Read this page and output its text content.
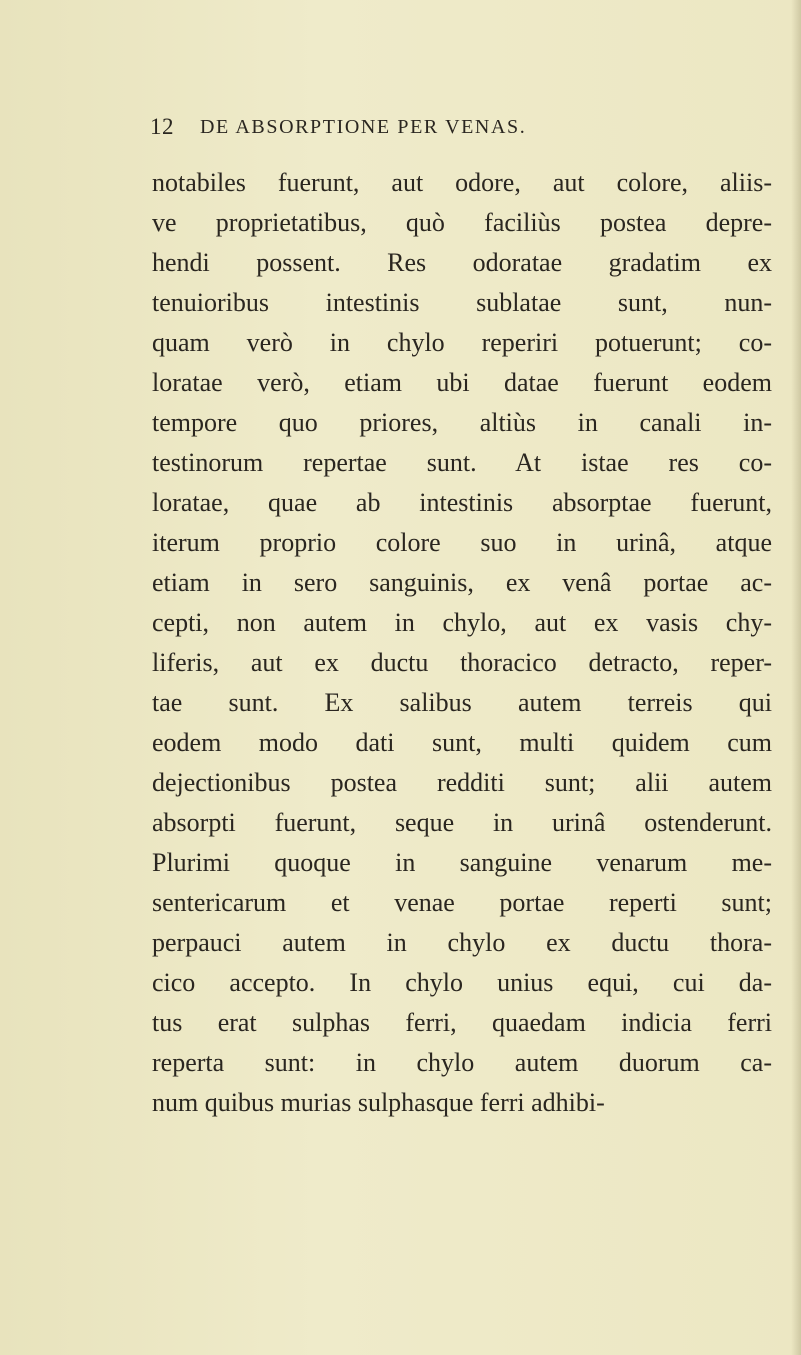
12 DE ABSORPTIONE PER VENAS.
notabiles fuerunt, aut odore, aut colore, aliis-
ve proprietatibus, quò faciliùs postea depre-
hendi possent. Res odoratae gradatim ex
tenuioribus intestinis sublatae sunt, nun-
quam verò in chylo reperiri potuerunt; co-
loratae verò, etiam ubi datae fuerunt eodem
tempore quo priores, altiùs in canali in-
testinorum repertae sunt. At istae res co-
loratae, quae ab intestinis absorptae fuerunt,
iterum proprio colore suo in urinâ, atque
etiam in sero sanguinis, ex venâ portae ac-
cepti, non autem in chylo, aut ex vasis chy-
liferis, aut ex ductu thoracico detracto, reper-
tae sunt. Ex salibus autem terreis qui
eodem modo dati sunt, multi quidem cum
dejectionibus postea redditi sunt; alii autem
absorpti fuerunt, seque in urinâ ostenderunt.
Plurimi quoque in sanguine venarum me-
sentericarum et venae portae reperti sunt;
perpauci autem in chylo ex ductu thora-
cico accepto. In chylo unius equi, cui da-
tus erat sulphas ferri, quaedam indicia ferri
reperta sunt: in chylo autem duorum ca-
num quibus murias sulphasque ferri adhibi-
